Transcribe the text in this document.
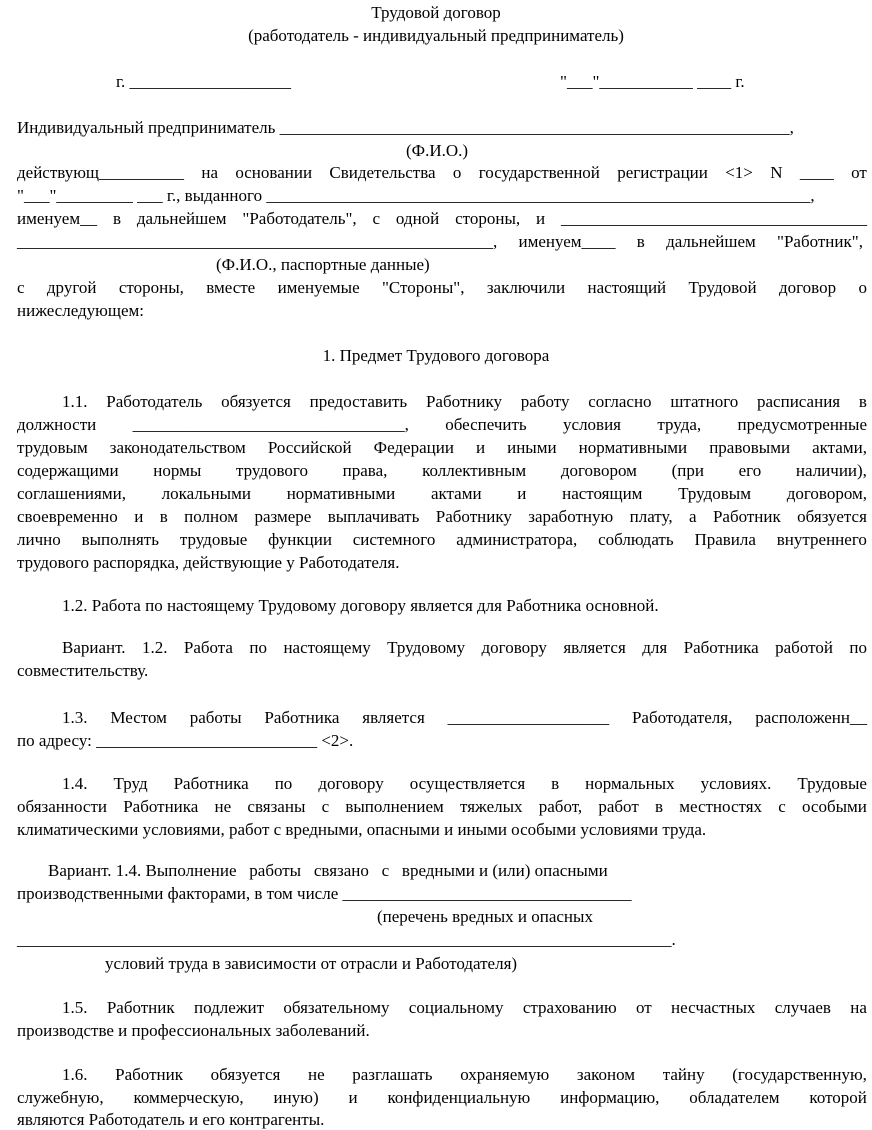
Трудовой договор
(работодатель - индивидуальный предприниматель)
г. ___________________	"___"___________ ____ г.
Индивидуальный предприниматель ____________________________________________________________,
(Ф.И.О.)
действующ__________ на основании Свидетельства о государственной регистрации <1> N ____ от
"___"_________ ___ г., выданного ________________________________________________________________,
именуем__ в дальнейшем "Работодатель", с одной стороны, и ____________________________________
________________________________________________________, именуем____ в дальнейшем "Работник",
(Ф.И.О., паспортные данные)
с другой стороны, вместе именуемые "Стороны", заключили настоящий Трудовой договор о
нижеследующем:
1. Предмет Трудового договора
1.1. Работодатель обязуется предоставить Работнику работу согласно штатного расписания в
должности ________________________________, обеспечить условия труда, предусмотренные
трудовым законодательством Российской Федерации и иными нормативными правовыми актами,
содержащими нормы трудового права, коллективным договором (при его наличии),
соглашениями, локальными нормативными актами и настоящим Трудовым договором,
своевременно и в полном размере выплачивать Работнику заработную плату, а Работник обязуется
лично выполнять трудовые функции системного администратора, соблюдать Правила внутреннего
трудового распорядка, действующие у Работодателя.
1.2. Работа по настоящему Трудовому договору является для Работника основной.
Вариант. 1.2. Работа по настоящему Трудовому договору является для Работника работой по
совместительству.
1.3. Местом работы Работника является ___________________ Работодателя, расположенн__
по адресу: __________________________ <2>.
1.4. Труд Работника по договору осуществляется в нормальных условиях. Трудовые
обязанности Работника не связаны с выполнением тяжелых работ, работ в местностях с особыми
климатическими условиями, работ с вредными, опасными и иными особыми условиями труда.
Вариант. 1.4. Выполнение   работы   связано   с   вредными и (или) опасными
производственными факторами, в том числе __________________________________
(перечень вредных и опасных
_____________________________________________________________________________.
условий труда в зависимости от отрасли и Работодателя)
1.5. Работник подлежит обязательному социальному страхованию от несчастных случаев на
производстве и профессиональных заболеваний.
1.6. Работник обязуется не разглашать охраняемую законом тайну (государственную,
служебную, коммерческую, иную) и конфиденциальную информацию, обладателем которой
являются Работодатель и его контрагенты.
